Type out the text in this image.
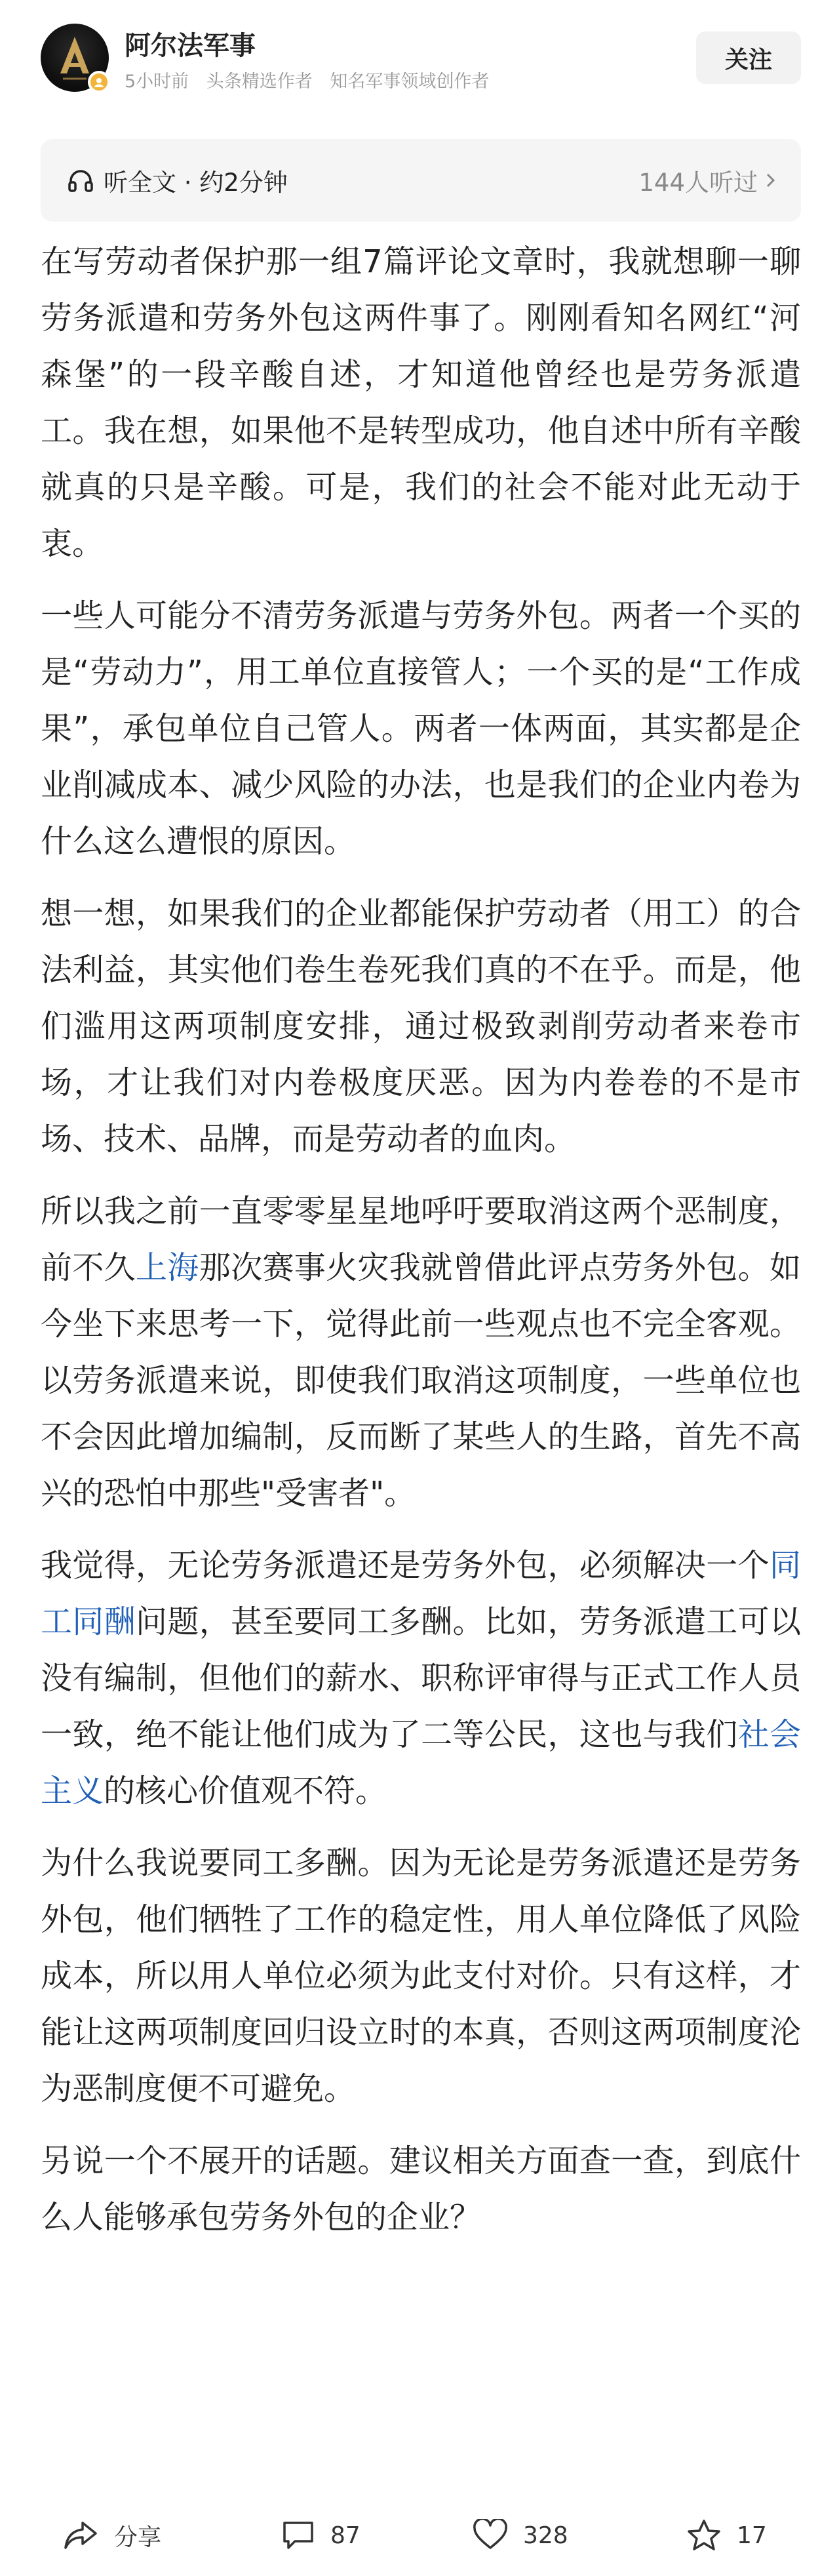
阿尔法军事
5小时前 头条精选作者 知名军事领域创作者
关注
听全文 · 约2分钟	144人听过

在写劳动者保护那一组7篇评论文章时，我就想聊一聊劳务派遣和劳务外包这两件事了。刚刚看知名网红“河森堡”的一段辛酸自述，才知道他曾经也是劳务派遣工。我在想，如果他不是转型成功，他自述中所有辛酸就真的只是辛酸。可是，我们的社会不能对此无动于衷。

一些人可能分不清劳务派遣与劳务外包。两者一个买的是“劳动力”，用工单位直接管人；一个买的是“工作成果”，承包单位自己管人。两者一体两面，其实都是企业削减成本、减少风险的办法，也是我们的企业内卷为什么这么遭恨的原因。

想一想，如果我们的企业都能保护劳动者（用工）的合法利益，其实他们卷生卷死我们真的不在乎。而是，他们滥用这两项制度安排，通过极致剥削劳动者来卷市场，才让我们对内卷极度厌恶。因为内卷卷的不是市场、技术、品牌，而是劳动者的血肉。

所以我之前一直零零星星地呼吁要取消这两个恶制度，前不久上海那次赛事火灾我就曾借此评点劳务外包。如今坐下来思考一下，觉得此前一些观点也不完全客观。以劳务派遣来说，即使我们取消这项制度，一些单位也不会因此增加编制，反而断了某些人的生路，首先不高兴的恐怕中那些"受害者"。

我觉得，无论劳务派遣还是劳务外包，必须解决一个同工同酬问题，甚至要同工多酬。比如，劳务派遣工可以没有编制，但他们的薪水、职称评审得与正式工作人员一致，绝不能让他们成为了二等公民，这也与我们社会主义的核心价值观不符。

为什么我说要同工多酬。因为无论是劳务派遣还是劳务外包，他们牺牲了工作的稳定性，用人单位降低了风险成本，所以用人单位必须为此支付对价。只有这样，才能让这两项制度回归设立时的本真，否则这两项制度沦为恶制度便不可避免。

另说一个不展开的话题。建议相关方面查一查，到底什么人能够承包劳务外包的企业？

分享	87	328	17
